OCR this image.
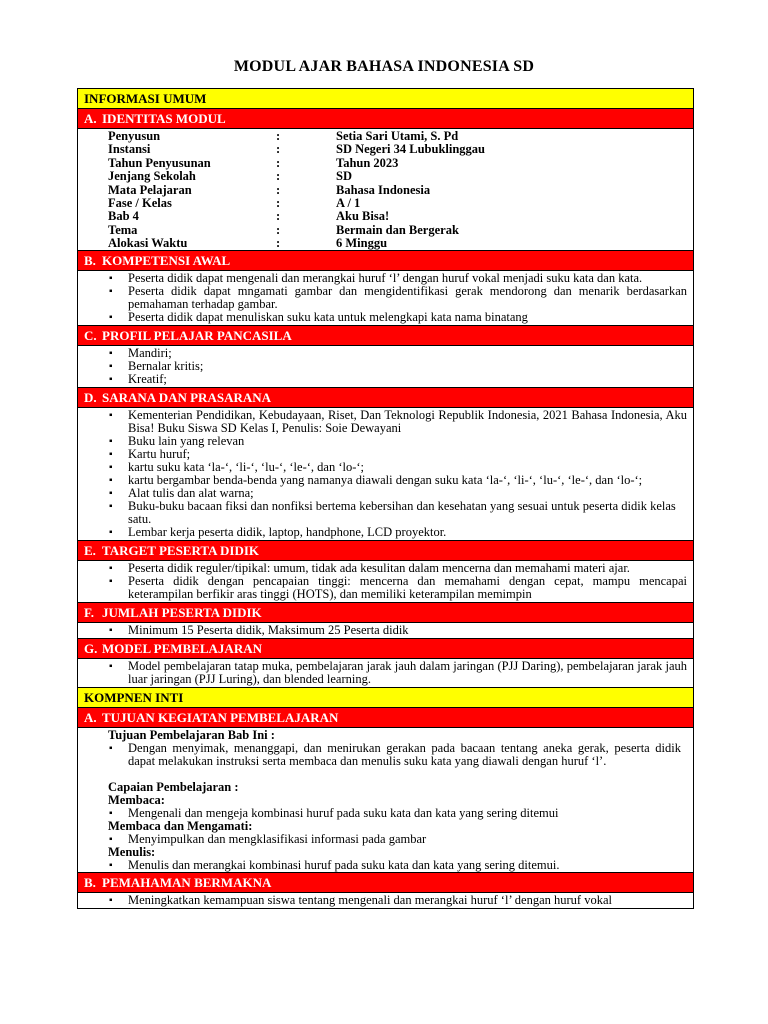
MODUL AJAR BAHASA INDONESIA SD
INFORMASI UMUM
A. IDENTITAS MODUL
Penyusun	:	Setia Sari Utami, S. Pd
Instansi	:	SD Negeri 34 Lubuklinggau
Tahun Penyusunan	:	Tahun 2023
Jenjang Sekolah	:	SD
Mata Pelajaran	:	Bahasa Indonesia
Fase / Kelas	:	A / 1
Bab 4	:	Aku Bisa!
Tema	:	Bermain dan Bergerak
Alokasi Waktu	:	6 Minggu
B. KOMPETENSI AWAL
▪ Peserta didik dapat mengenali dan merangkai huruf ‘l’ dengan huruf vokal menjadi suku kata dan kata.
▪ Peserta didik dapat mngamati gambar dan mengidentifikasi gerak mendorong dan menarik berdasarkan pemahaman terhadap gambar.
▪ Peserta didik dapat menuliskan suku kata untuk melengkapi kata nama binatang
C. PROFIL PELAJAR PANCASILA
▪ Mandiri;
▪ Bernalar kritis;
▪ Kreatif;
D. SARANA DAN PRASARANA
▪ Kementerian Pendidikan, Kebudayaan, Riset, Dan Teknologi Republik Indonesia, 2021 Bahasa Indonesia, Aku Bisa! Buku Siswa SD Kelas I, Penulis: Soie Dewayani
▪ Buku lain yang relevan
▪ Kartu huruf;
▪ kartu suku kata ‘la-‘, ‘li-‘, ‘lu-‘, ‘le-‘, dan ‘lo-‘;
▪ kartu bergambar benda-benda yang namanya diawali dengan suku kata ‘la-‘, ‘li-‘, ‘lu-‘, ‘le-‘, dan ‘lo-‘;
▪ Alat tulis dan alat warna;
▪ Buku-buku bacaan fiksi dan nonfiksi bertema kebersihan dan kesehatan yang sesuai untuk peserta didik kelas satu.
▪ Lembar kerja peserta didik, laptop, handphone, LCD proyektor.
E. TARGET PESERTA DIDIK
▪ Peserta didik reguler/tipikal: umum, tidak ada kesulitan dalam mencerna dan memahami materi ajar.
▪ Peserta didik dengan pencapaian tinggi: mencerna dan memahami dengan cepat, mampu mencapai keterampilan berfikir aras tinggi (HOTS), dan memiliki keterampilan memimpin
F. JUMLAH PESERTA DIDIK
▪ Minimum 15 Peserta didik, Maksimum 25 Peserta didik
G. MODEL PEMBELAJARAN
▪ Model pembelajaran tatap muka, pembelajaran jarak jauh dalam jaringan (PJJ Daring), pembelajaran jarak jauh luar jaringan (PJJ Luring), dan blended learning.
KOMPNEN INTI
A. TUJUAN KEGIATAN PEMBELAJARAN
Tujuan Pembelajaran Bab Ini :
▪ Dengan menyimak, menanggapi, dan menirukan gerakan pada bacaan tentang aneka gerak, peserta didik dapat melakukan instruksi serta membaca dan menulis suku kata yang diawali dengan huruf ‘l’.
Capaian Pembelajaran :
Membaca:
▪ Mengenali dan mengeja kombinasi huruf pada suku kata dan kata yang sering ditemui
Membaca dan Mengamati:
▪ Menyimpulkan dan mengklasifikasi informasi pada gambar
Menulis:
▪ Menulis dan merangkai kombinasi huruf pada suku kata dan kata yang sering ditemui.
B. PEMAHAMAN BERMAKNA
▪ Meningkatkan kemampuan siswa tentang mengenali dan merangkai huruf ‘l’ dengan huruf vokal
